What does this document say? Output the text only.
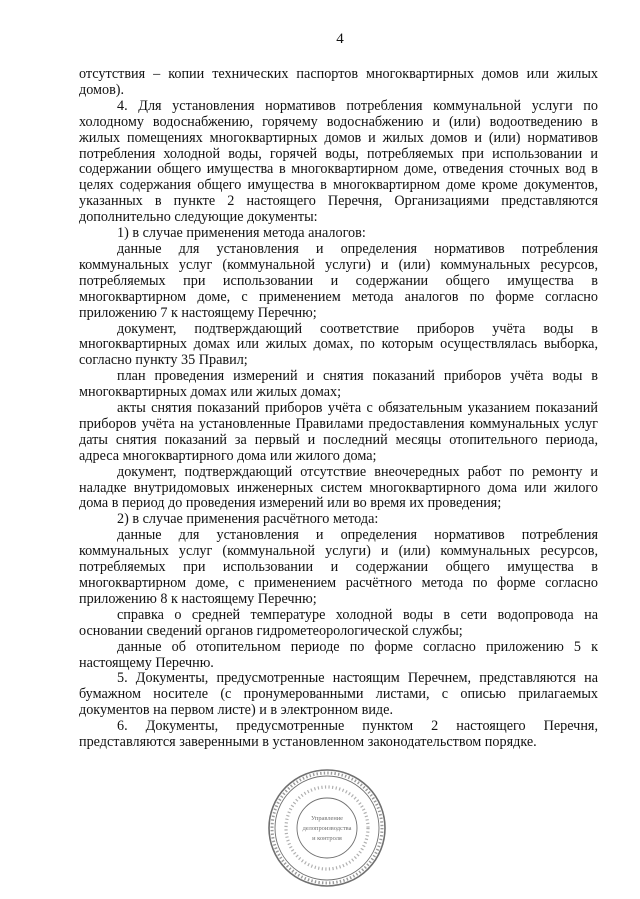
4

отсутствия – копии технических паспортов многоквартирных домов или жилых домов).

4. Для установления нормативов потребления коммунальной услуги по холодному водоснабжению, горячему водоснабжению и (или) водоотведению в жилых помещениях многоквартирных домов и жилых домов и (или) нормативов потребления холодной воды, горячей воды, потребляемых при использовании и содержании общего имущества в многоквартирном доме, отведения сточных вод в целях содержания общего имущества в многоквартирном доме кроме документов, указанных в пункте 2 настоящего Перечня, Организациями представляются дополнительно следующие документы:

1) в случае применения метода аналогов:

данные для установления и определения нормативов потребления коммунальных услуг (коммунальной услуги) и (или) коммунальных ресурсов, потребляемых при использовании и содержании общего имущества в многоквартирном доме, с применением метода аналогов по форме согласно приложению 7 к настоящему Перечню;

документ, подтверждающий соответствие приборов учёта воды в многоквартирных домах или жилых домах, по которым осуществлялась выборка, согласно пункту 35 Правил;

план проведения измерений и снятия показаний приборов учёта воды в многоквартирных домах или жилых домах;

акты снятия показаний приборов учёта с обязательным указанием показаний приборов учёта на установленные Правилами предоставления коммунальных услуг даты снятия показаний за первый и последний месяцы отопительного периода, адреса многоквартирного дома или жилого дома;

документ, подтверждающий отсутствие внеочередных работ по ремонту и наладке внутридомовых инженерных систем многоквартирного дома или жилого дома в период до проведения измерений или во время их проведения;

2) в случае применения расчётного метода:

данные для установления и определения нормативов потребления коммунальных услуг (коммунальной услуги) и (или) коммунальных ресурсов, потребляемых при использовании и содержании общего имущества в многоквартирном доме, с применением расчётного метода по форме согласно приложению 8 к настоящему Перечню;

справка о средней температуре холодной воды в сети водопровода на основании сведений органов гидрометеорологической службы;

данные об отопительном периоде по форме согласно приложению 5 к настоящему Перечню.

5. Документы, предусмотренные настоящим Перечнем, представляются на бумажном носителе (с пронумерованными листами, с описью прилагаемых документов на первом листе) и в электронном виде.

6. Документы, предусмотренные пунктом 2 настоящего Перечня, представляются заверенными в установленном законодательством порядке.

Управление
делопроизводства
и контроля
